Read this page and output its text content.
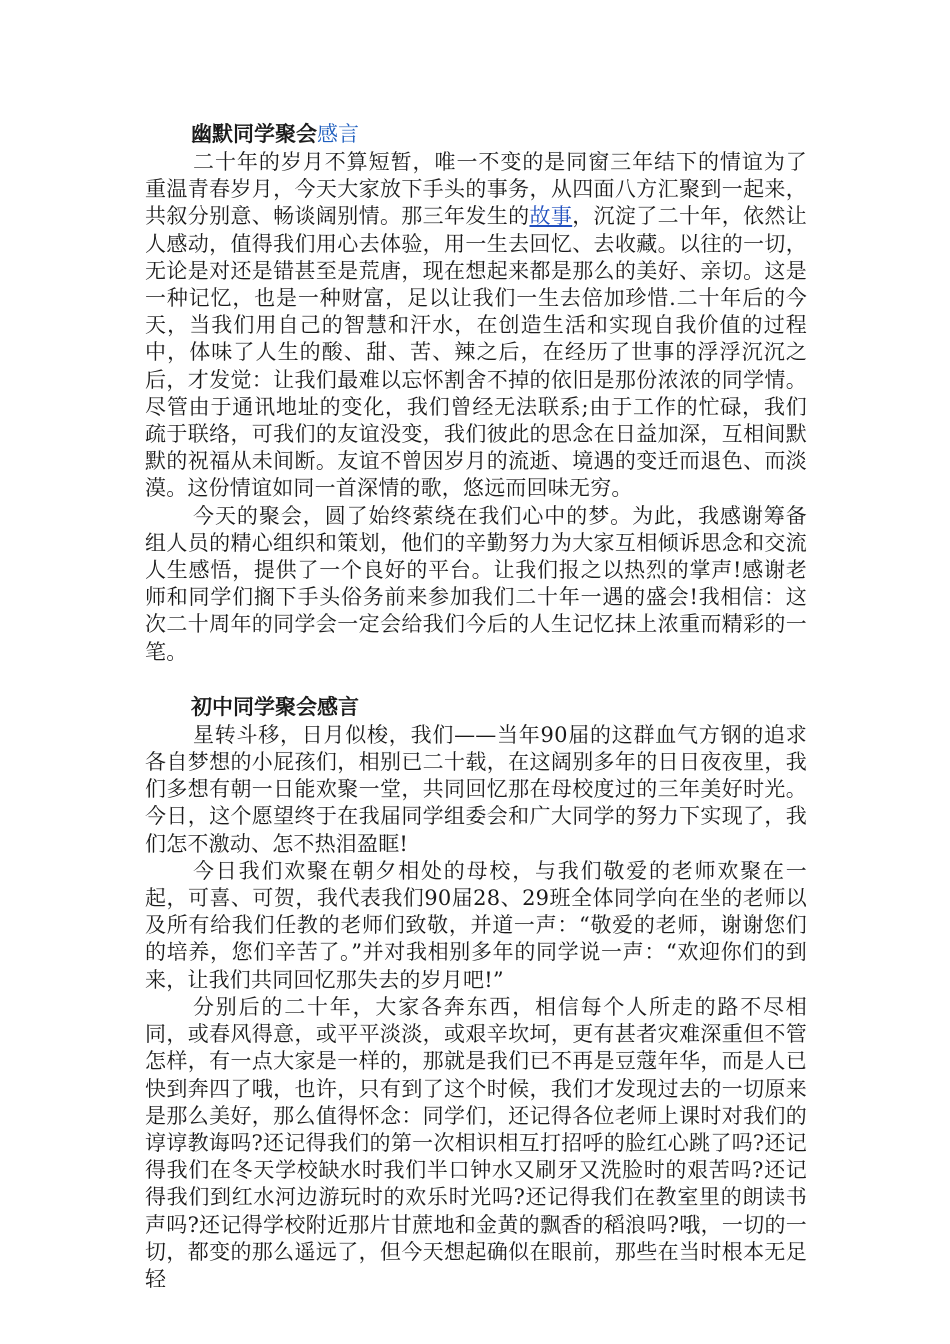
幽默同学聚会感言

二十年的岁月不算短暂，唯一不变的是同窗三年结下的情谊为了重温青春岁月，今天大家放下手头的事务，从四面八方汇聚到一起来，共叙分别意、畅谈阔别情。那三年发生的故事，沉淀了二十年，依然让人感动，值得我们用心去体验，用一生去回忆、去收藏。以往的一切，无论是对还是错甚至是荒唐，现在想起来都是那么的美好、亲切。这是一种记忆，也是一种财富，足以让我们一生去倍加珍惜.二十年后的今天，当我们用自己的智慧和汗水，在创造生活和实现自我价值的过程中，体味了人生的酸、甜、苦、辣之后，在经历了世事的浮浮沉沉之后，才发觉：让我们最难以忘怀割舍不掉的依旧是那份浓浓的同学情。尽管由于通讯地址的变化，我们曾经无法联系;由于工作的忙碌，我们疏于联络，可我们的友谊没变，我们彼此的思念在日益加深，互相间默默的祝福从未间断。友谊不曾因岁月的流逝、境遇的变迁而退色、而淡漠。这份情谊如同一首深情的歌，悠远而回味无穷。

今天的聚会，圆了始终萦绕在我们心中的梦。为此，我感谢筹备组人员的精心组织和策划，他们的辛勤努力为大家互相倾诉思念和交流人生感悟，提供了一个良好的平台。让我们报之以热烈的掌声!感谢老师和同学们搁下手头俗务前来参加我们二十年一遇的盛会!我相信：这次二十周年的同学会一定会给我们今后的人生记忆抹上浓重而精彩的一笔。

初中同学聚会感言

星转斗移，日月似梭，我们——当年90届的这群血气方钢的追求各自梦想的小屁孩们，相别已二十载，在这阔别多年的日日夜夜里，我们多想有朝一日能欢聚一堂，共同回忆那在母校度过的三年美好时光。今日，这个愿望终于在我届同学组委会和广大同学的努力下实现了，我们怎不激动、怎不热泪盈眶!

今日我们欢聚在朝夕相处的母校，与我们敬爱的老师欢聚在一起，可喜、可贺，我代表我们90届28、29班全体同学向在坐的老师以及所有给我们任教的老师们致敬，并道一声：“敬爱的老师，谢谢您们的培养，您们辛苦了。”并对我相别多年的同学说一声：“欢迎你们的到来，让我们共同回忆那失去的岁月吧!”

分别后的二十年，大家各奔东西，相信每个人所走的路不尽相同，或春风得意，或平平淡淡，或艰辛坎坷，更有甚者灾难深重但不管怎样，有一点大家是一样的，那就是我们已不再是豆蔻年华，而是人已快到奔四了哦，也许，只有到了这个时候，我们才发现过去的一切原来是那么美好，那么值得怀念：同学们，还记得各位老师上课时对我们的谆谆教诲吗?还记得我们的第一次相识相互打招呼的脸红心跳了吗?还记得我们在冬天学校缺水时我们半口钟水又刷牙又洗脸时的艰苦吗?还记得我们到红水河边游玩时的欢乐时光吗?还记得我们在教室里的朗读书声吗?还记得学校附近那片甘蔗地和金黄的飘香的稻浪吗?哦，一切的一切，都变的那么遥远了，但今天想起确似在眼前，那些在当时根本无足轻
